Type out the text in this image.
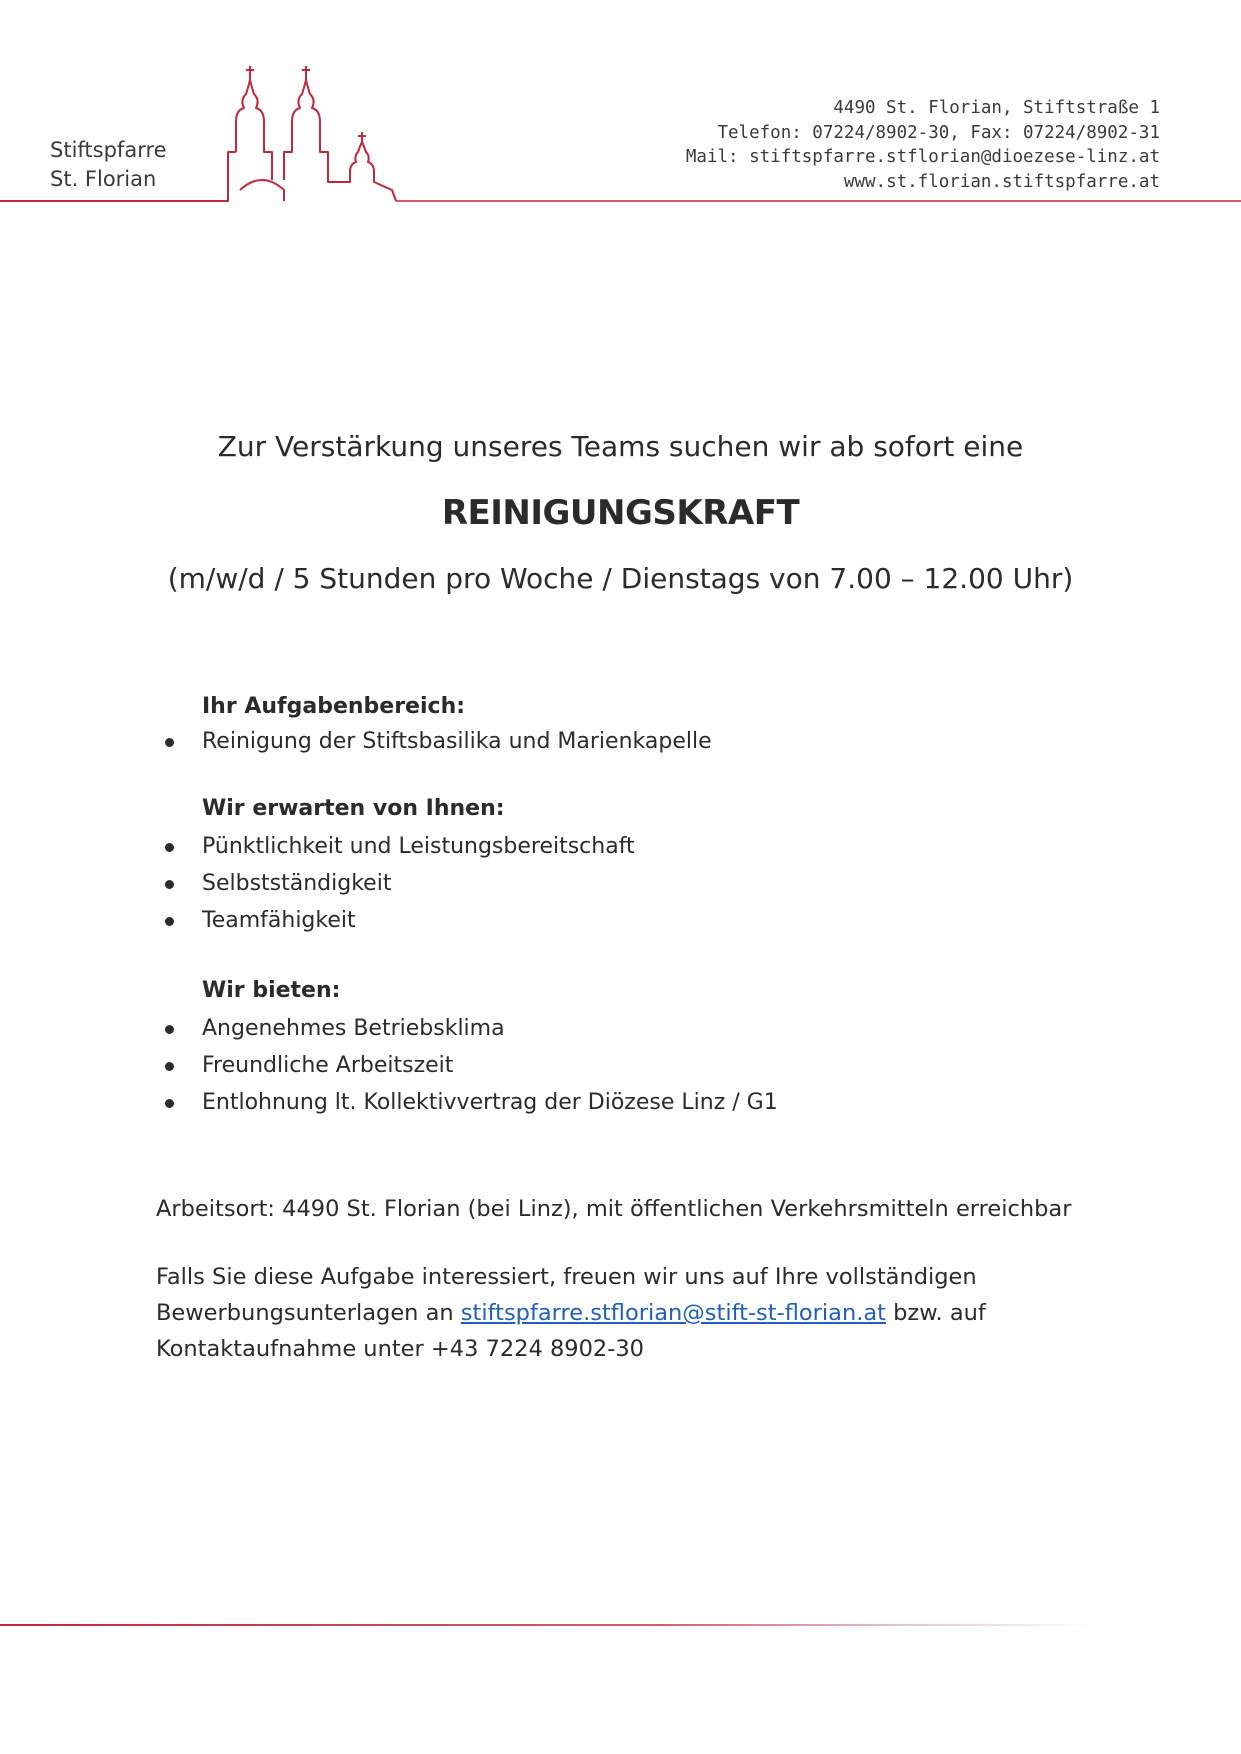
Stiftspfarre
St. Florian
4490 St. Florian, Stiftstraße 1
Telefon: 07224/8902-30, Fax: 07224/8902-31
Mail: stiftspfarre.stflorian@dioezese-linz.at
www.st.florian.stiftspfarre.at
Zur Verstärkung unseres Teams suchen wir ab sofort eine
REINIGUNGSKRAFT
(m/w/d / 5 Stunden pro Woche / Dienstags von 7.00 – 12.00 Uhr)
Ihr Aufgabenbereich:
Reinigung der Stiftsbasilika und Marienkapelle
Wir erwarten von Ihnen:
Pünktlichkeit und Leistungsbereitschaft
Selbstständigkeit
Teamfähigkeit
Wir bieten:
Angenehmes Betriebsklima
Freundliche Arbeitszeit
Entlohnung lt. Kollektivvertrag der Diözese Linz / G1
Arbeitsort: 4490 St. Florian (bei Linz), mit öffentlichen Verkehrsmitteln erreichbar
Falls Sie diese Aufgabe interessiert, freuen wir uns auf Ihre vollständigen
Bewerbungsunterlagen an stiftspfarre.stflorian@stift-st-florian.at bzw. auf
Kontaktaufnahme unter +43 7224 8902-30
